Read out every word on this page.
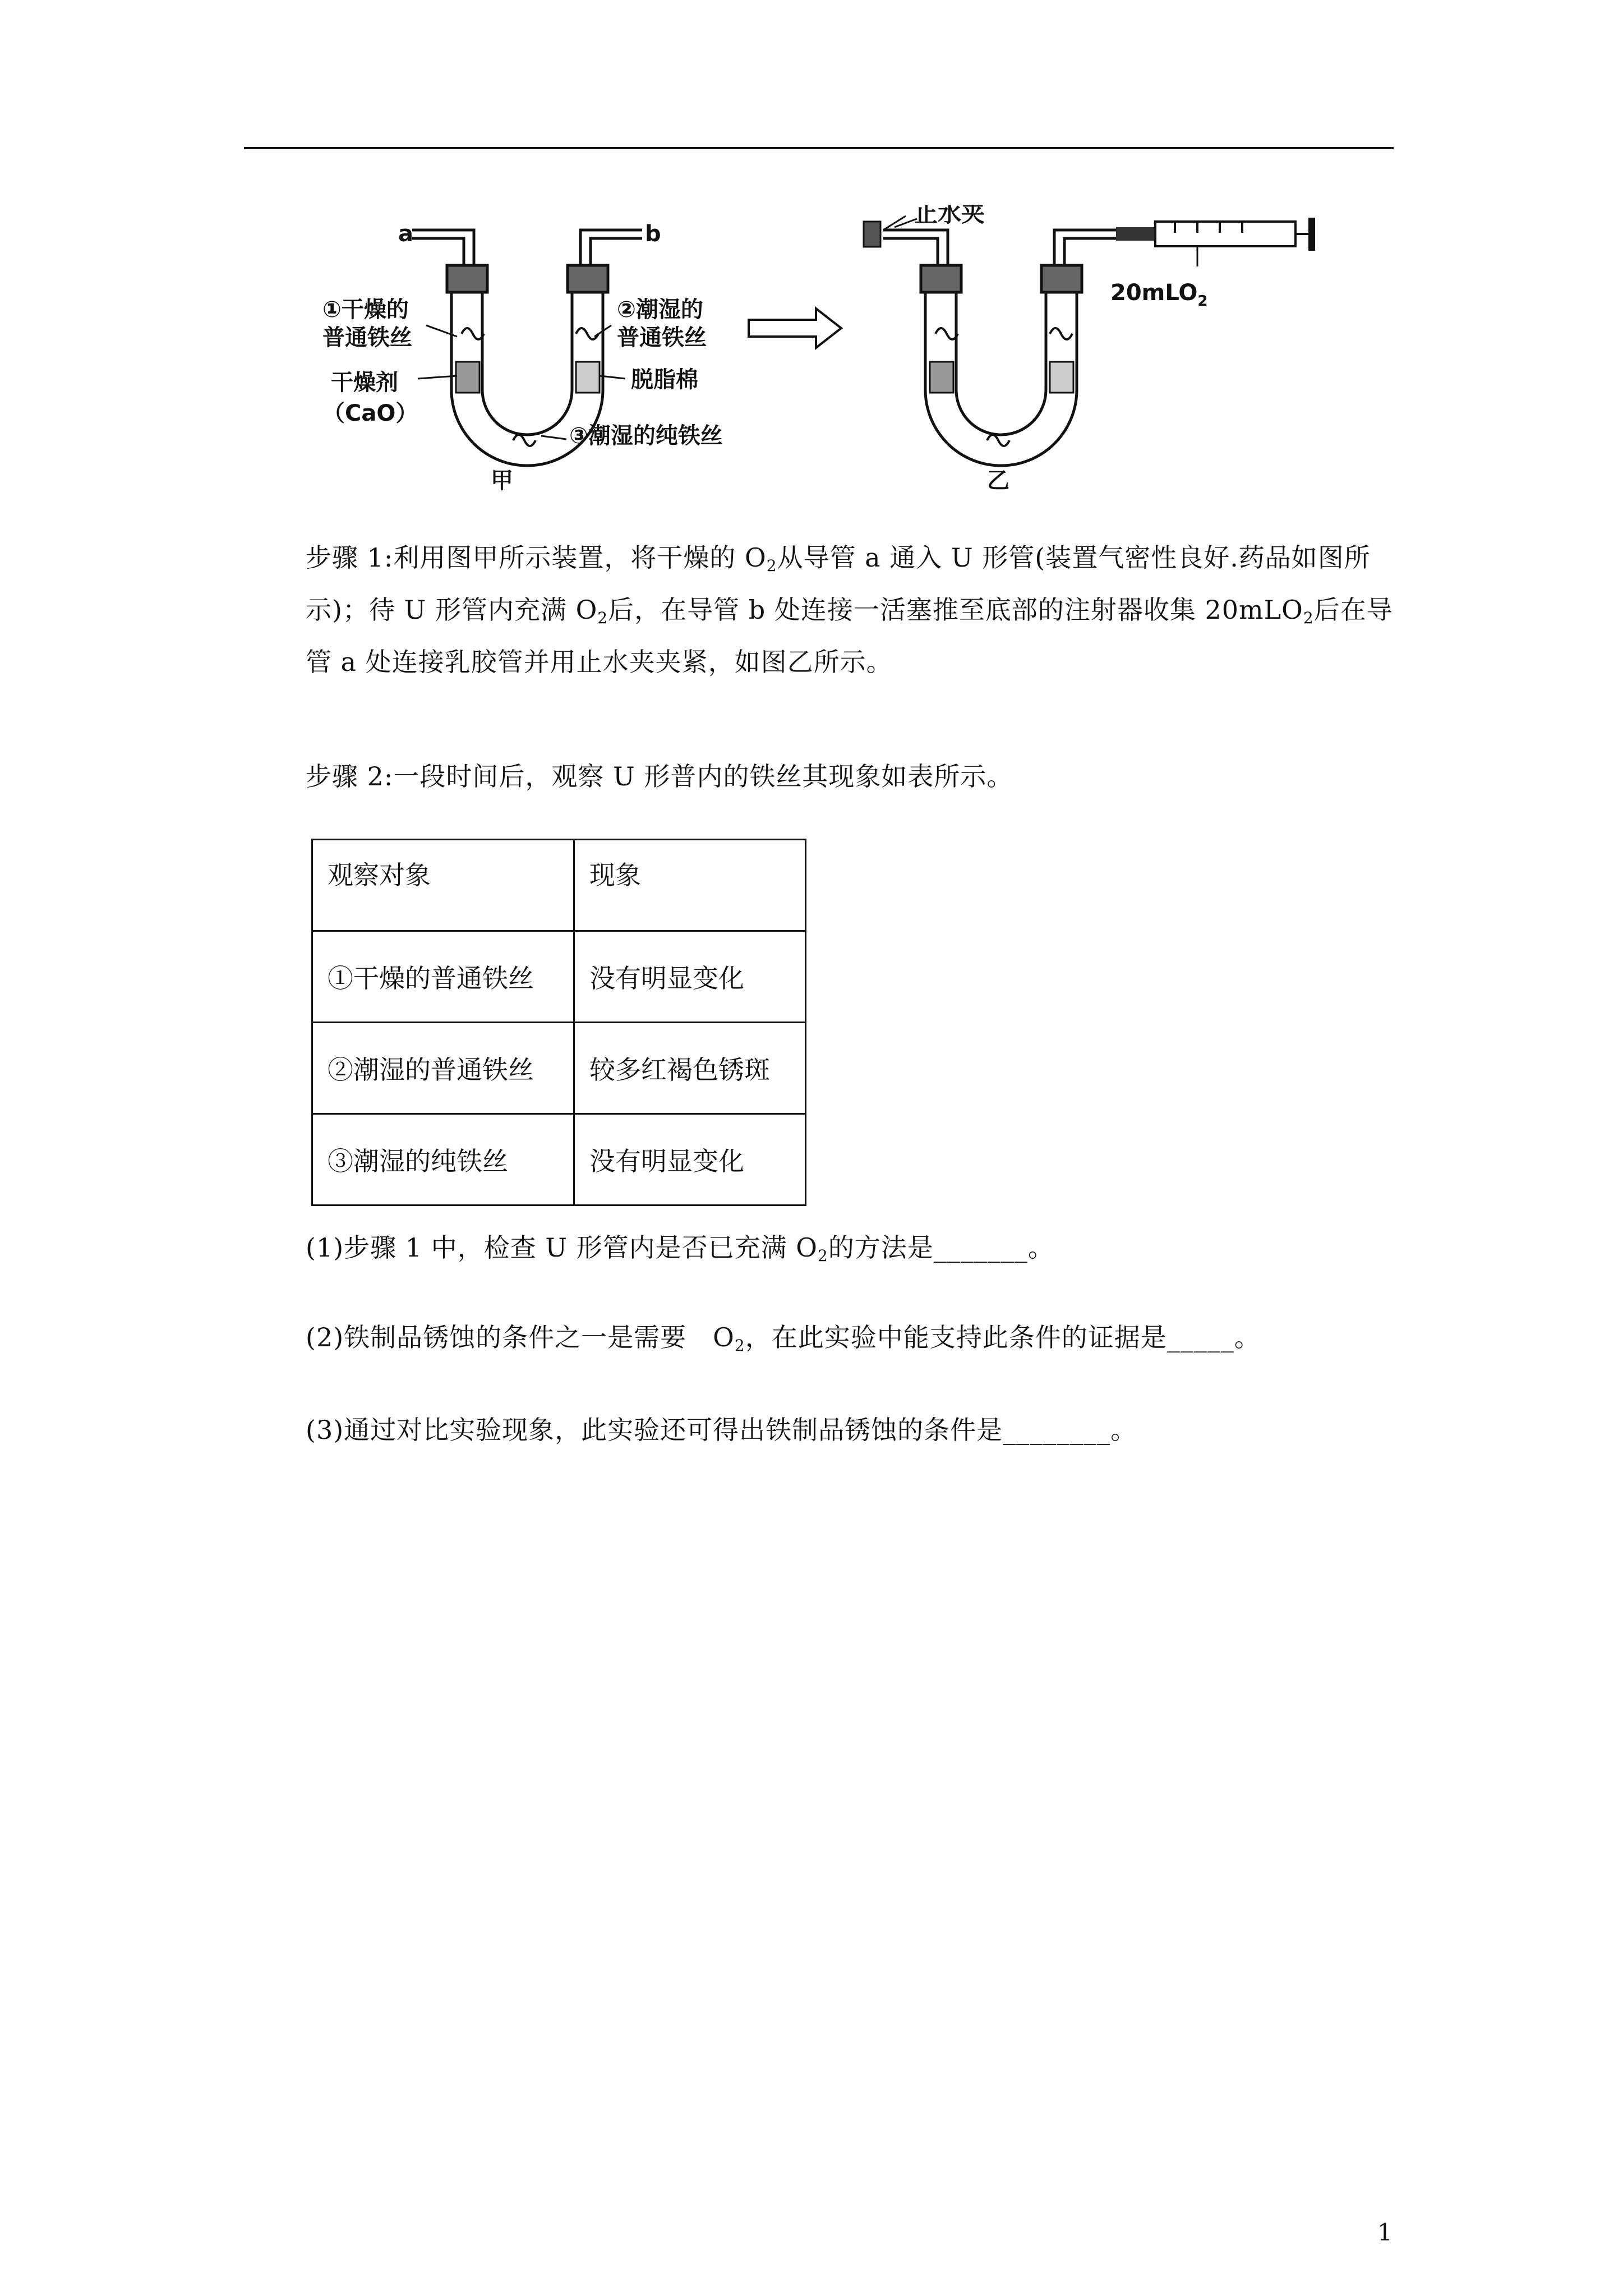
a	b
①干燥的
普通铁丝
干燥剂
（CaO）
②潮湿的
普通铁丝
脱脂棉
③潮湿的纯铁丝
甲
止水夹
20mLO$_2$
乙

步骤 1:利用图甲所示装置，将干燥的 $O_2$从导管 a 通入 U 形管(装置气密性良好.药品如图所示)；待 U 形管内充满 $O_2$后，在导管 b 处连接一活塞推至底部的注射器收集 20mLO$_2$后在导管 a 处连接乳胶管并用止水夹夹紧，如图乙所示。

步骤 2:一段时间后，观察 U 形普内的铁丝其现象如表所示。

观察对象	现象
①干燥的普通铁丝	没有明显变化
②潮湿的普通铁丝	较多红褐色锈斑
③潮湿的纯铁丝	没有明显变化

(1)步骤 1 中，检查 U 形管内是否已充满 $O_2$的方法是_______。

(2)铁制品锈蚀的条件之一是需要　$O_2$，在此实验中能支持此条件的证据是_____。

(3)通过对比实验现象，此实验还可得出铁制品锈蚀的条件是________。

1
